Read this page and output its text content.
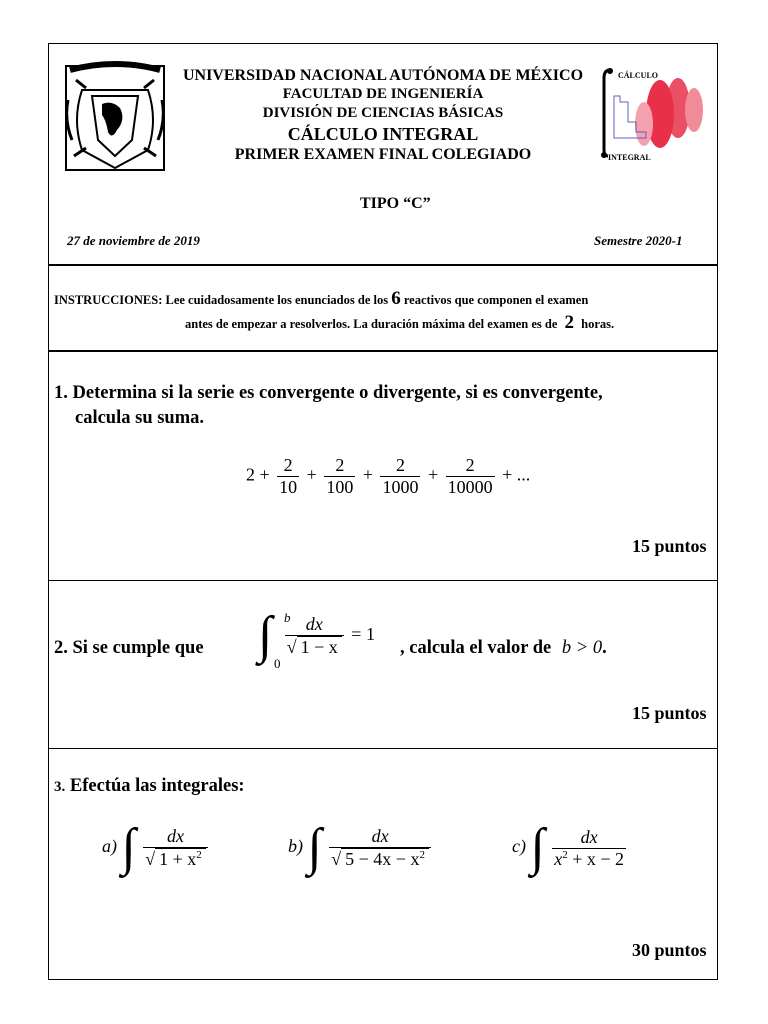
UNIVERSIDAD NACIONAL AUTÓNOMA DE MÉXICO
FACULTAD DE INGENIERÍA
DIVISIÓN DE CIENCIAS BÁSICAS
CÁLCULO INTEGRAL
PRIMER EXAMEN FINAL COLEGIADO
CÁLCULO
INTEGRAL
TIPO “C”
27 de noviembre de 2019	Semestre 2020-1
INSTRUCCIONES: Lee cuidadosamente los enunciados de los 6 reactivos que componen el examen
antes de empezar a resolverlos. La duración máxima del examen es de 2 horas.
1. Determina si la serie es convergente o divergente, si es convergente,
calcula su suma.
$2 + \frac{2}{10} + \frac{2}{100} + \frac{2}{1000} + \frac{2}{10000}$ + ...
15 puntos
2. Si se cumple que ∫ b
0
$\frac{dx}{√ 1 - x} = 1$
, calcula el valor de b > 0.
15 puntos
3. Efectúa las integrales:
a) ∫ $\frac{dx}{√ 1 + x^2}$	b) ∫ $\frac{dx}{√ 5 - 4x - x^2}$	c) ∫ $\frac{dx}{x^2 + x - 2}$
30 puntos
